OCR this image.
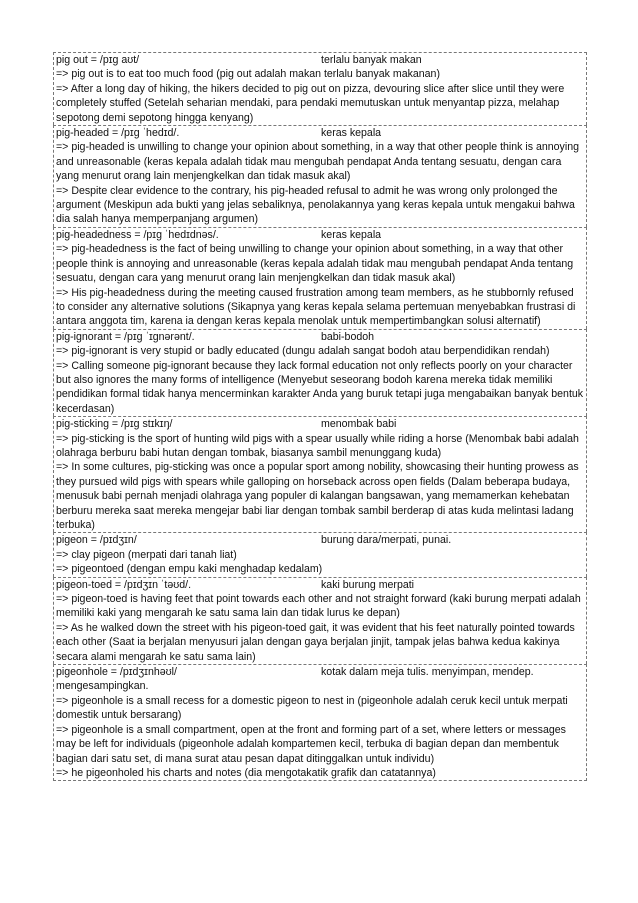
pig out = /pɪɡ aʊt/	terlalu banyak makan
=> pig out is to eat too much food (pig out adalah makan terlalu banyak makanan)
=> After a long day of hiking, the hikers decided to pig out on pizza, devouring slice after slice until they were completely stuffed (Setelah seharian mendaki, para pendaki memutuskan untuk menyantap pizza, melahap sepotong demi sepotong hingga kenyang)
pig-headed = /pɪɡ ˈhedɪd/.	keras kepala
=> pig-headed is unwilling to change your opinion about something, in a way that other people think is annoying and unreasonable (keras kepala adalah tidak mau mengubah pendapat Anda tentang sesuatu, dengan cara yang menurut orang lain menjengkelkan dan tidak masuk akal)
=> Despite clear evidence to the contrary, his pig-headed refusal to admit he was wrong only prolonged the argument (Meskipun ada bukti yang jelas sebaliknya, penolakannya yang keras kepala untuk mengakui bahwa dia salah hanya memperpanjang argumen)
pig-headedness = /pɪɡ ˈhedɪdnəs/.	keras kepala
=> pig-headedness is the fact of being unwilling to change your opinion about something, in a way that other people think is annoying and unreasonable (keras kepala adalah tidak mau mengubah pendapat Anda tentang sesuatu, dengan cara yang menurut orang lain menjengkelkan dan tidak masuk akal)
=> His pig-headedness during the meeting caused frustration among team members, as he stubbornly refused to consider any alternative solutions (Sikapnya yang keras kepala selama pertemuan menyebabkan frustrasi di antara anggota tim, karena ia dengan keras kepala menolak untuk mempertimbangkan solusi alternatif)
pig-ignorant = /pɪɡ ˈɪɡnərənt/.	babi-bodoh
=> pig-ignorant is very stupid or badly educated (dungu adalah sangat bodoh atau berpendidikan rendah)
=> Calling someone pig-ignorant because they lack formal education not only reflects poorly on your character but also ignores the many forms of intelligence (Menyebut seseorang bodoh karena mereka tidak memiliki pendidikan formal tidak hanya mencerminkan karakter Anda yang buruk tetapi juga mengabaikan banyak bentuk kecerdasan)
pig-sticking = /pɪɡ stɪkɪŋ/	menombak babi
=> pig-sticking is the sport of hunting wild pigs with a spear usually while riding a horse (Menombak babi adalah olahraga berburu babi hutan dengan tombak, biasanya sambil menunggang kuda)
=> In some cultures, pig-sticking was once a popular sport among nobility, showcasing their hunting prowess as they pursued wild pigs with spears while galloping on horseback across open fields (Dalam beberapa budaya, menusuk babi pernah menjadi olahraga yang populer di kalangan bangsawan, yang memamerkan kehebatan berburu mereka saat mereka mengejar babi liar dengan tombak sambil berderap di atas kuda melintasi ladang terbuka)
pigeon = /pɪdʒɪn/	burung dara/merpati, punai.
=> clay pigeon (merpati dari tanah liat)
=> pigeontoed (dengan empu kaki menghadap kedalam)
pigeon-toed = /pɪdʒɪn ˈtəʊd/.	kaki burung merpati
=> pigeon-toed is having feet that point towards each other and not straight forward (kaki burung merpati adalah memiliki kaki yang mengarah ke satu sama lain dan tidak lurus ke depan)
=> As he walked down the street with his pigeon-toed gait, it was evident that his feet naturally pointed towards each other (Saat ia berjalan menyusuri jalan dengan gaya berjalan jinjit, tampak jelas bahwa kedua kakinya secara alami mengarah ke satu sama lain)
pigeonhole = /pɪdʒɪnhəʊl/	kotak dalam meja tulis. menyimpan, mendep.
mengesampingkan.
=> pigeonhole is a small recess for a domestic pigeon to nest in (pigeonhole adalah ceruk kecil untuk merpati domestik untuk bersarang)
=> pigeonhole is a small compartment, open at the front and forming part of a set, where letters or messages may be left for individuals (pigeonhole adalah kompartemen kecil, terbuka di bagian depan dan membentuk bagian dari satu set, di mana surat atau pesan dapat ditinggalkan untuk individu)
=> he pigeonholed his charts and notes (dia mengotakatik grafik dan catatannya)
